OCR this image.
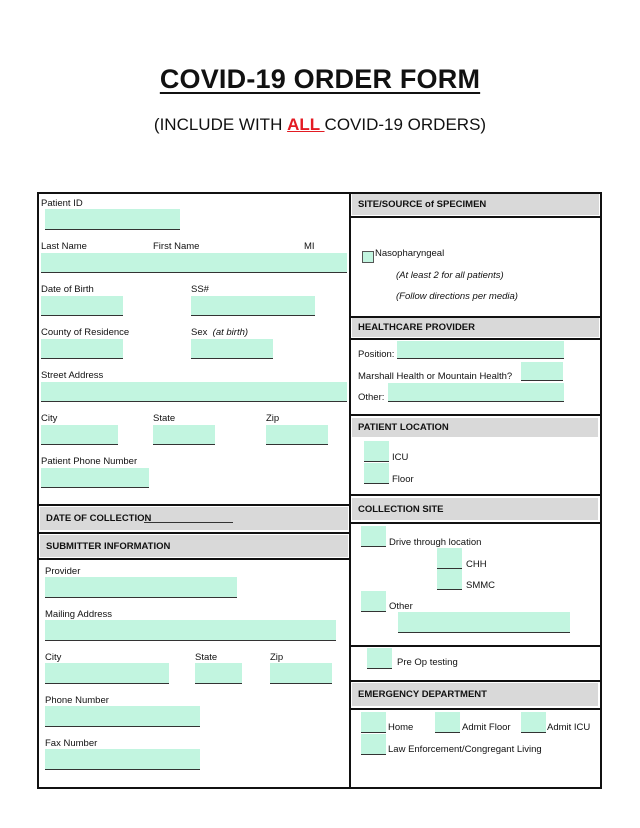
COVID-19 ORDER FORM
(INCLUDE WITH ALL COVID-19 ORDERS)
Patient ID
Last Name	First Name	MI
Date of Birth	SS#
County of Residence	Sex (at birth)
Street Address
City	State	Zip
Patient Phone Number
DATE OF COLLECTION
SUBMITTER INFORMATION
Provider
Mailing Address
City	State	Zip
Phone Number
Fax Number
SITE/SOURCE of SPECIMEN
Nasopharyngeal
(At least 2 for all patients)
(Follow directions per media)
HEALTHCARE PROVIDER
Position:
Marshall Health or Mountain Health?
Other:
PATIENT LOCATION
ICU
Floor
COLLECTION SITE
Drive through location
CHH
SMMC
Other
Pre Op testing
EMERGENCY DEPARTMENT
Home	Admit Floor	Admit ICU
Law Enforcement/Congregant Living
